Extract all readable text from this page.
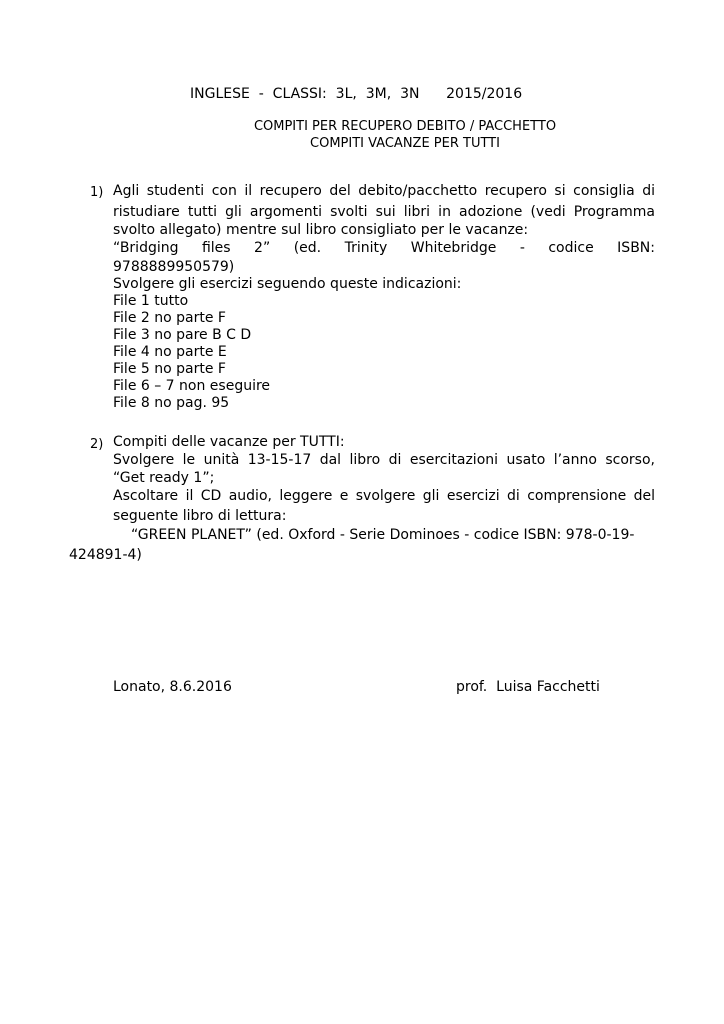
INGLESE  -  CLASSI:  3L,  3M,  3N      2015/2016
COMPITI PER RECUPERO DEBITO / PACCHETTO
COMPITI VACANZE PER TUTTI
1) Agli studenti con il recupero del debito/pacchetto recupero si consiglia di
ristudiare tutti gli argomenti svolti sui libri in adozione (vedi Programma
svolto allegato) mentre sul libro consigliato per le vacanze:
“Bridging files 2” (ed. Trinity Whitebridge - codice ISBN:
9788889950579)
Svolgere gli esercizi seguendo queste indicazioni:
File 1 tutto
File 2 no parte F
File 3 no pare B C D
File 4 no parte E
File 5 no parte F
File 6 – 7 non eseguire
File 8 no pag. 95
2) Compiti delle vacanze per TUTTI:
Svolgere le unità 13-15-17 dal libro di esercitazioni usato l’anno scorso,
“Get ready 1”;
Ascoltare il CD audio, leggere e svolgere gli esercizi di comprensione del
seguente libro di lettura:
“GREEN PLANET” (ed. Oxford - Serie Dominoes - codice ISBN: 978-0-19-
424891-4)
Lonato, 8.6.2016	prof.  Luisa Facchetti
